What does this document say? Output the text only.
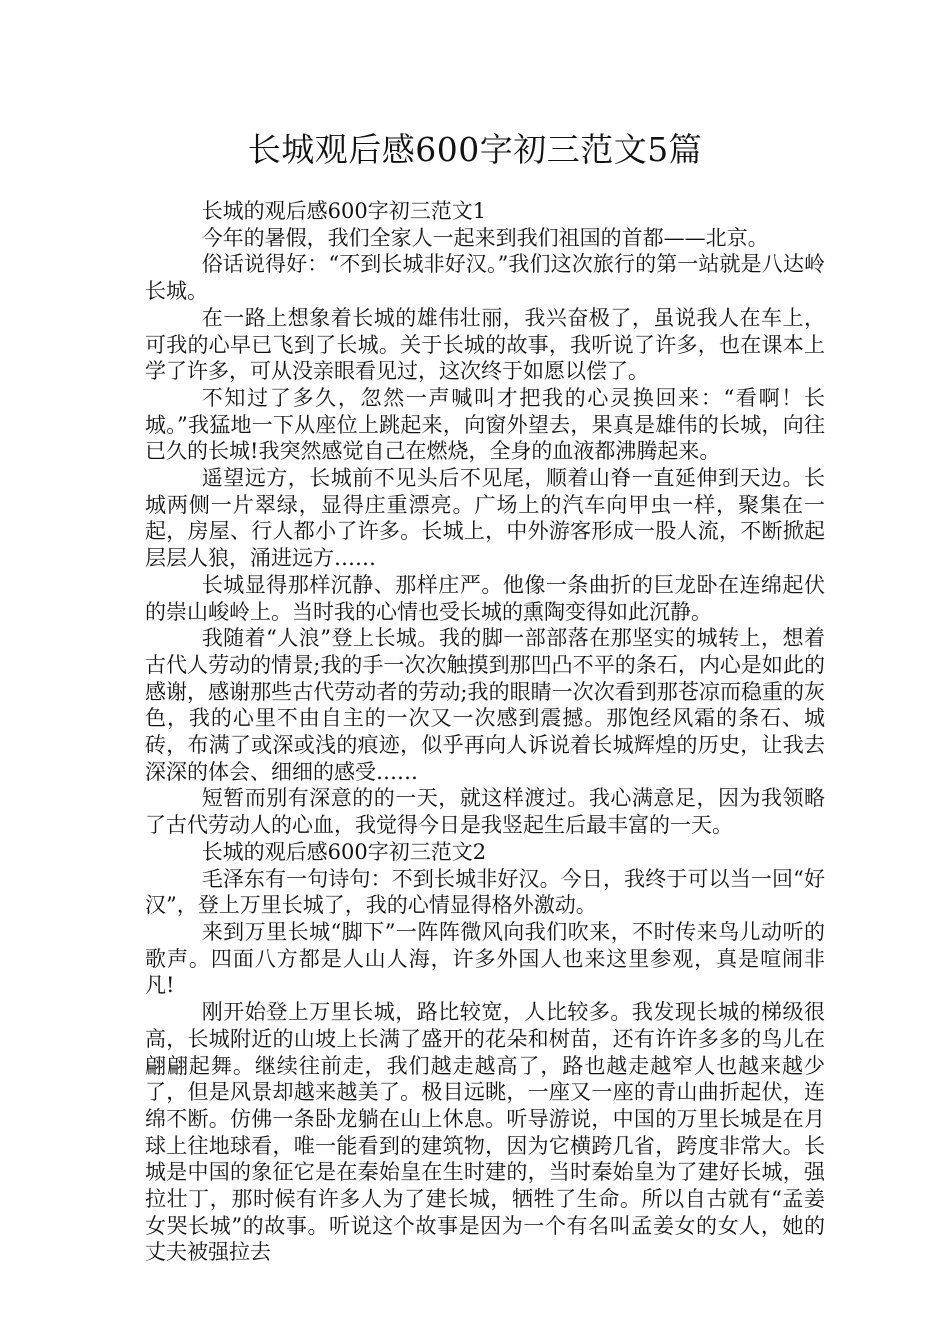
长城观后感600字初三范文5篇

长城的观后感600字初三范文1

今年的暑假，我们全家人一起来到我们祖国的首都——北京。

俗话说得好：“不到长城非好汉。”我们这次旅行的第一站就是八达岭长城。

在一路上想象着长城的雄伟壮丽，我兴奋极了，虽说我人在车上，可我的心早已飞到了长城。关于长城的故事，我听说了许多，也在课本上学了许多，可从没亲眼看见过，这次终于如愿以偿了。

不知过了多久，忽然一声喊叫才把我的心灵换回来：“看啊！长城。”我猛地一下从座位上跳起来，向窗外望去，果真是雄伟的长城，向往已久的长城!我突然感觉自己在燃烧，全身的血液都沸腾起来。

遥望远方，长城前不见头后不见尾，顺着山脊一直延伸到天边。长城两侧一片翠绿，显得庄重漂亮。广场上的汽车向甲虫一样，聚集在一起，房屋、行人都小了许多。长城上，中外游客形成一股人流，不断掀起层层人狼，涌进远方……

长城显得那样沉静、那样庄严。他像一条曲折的巨龙卧在连绵起伏的崇山峻岭上。当时我的心情也受长城的熏陶变得如此沉静。

我随着“人浪”登上长城。我的脚一部部落在那坚实的城转上，想着古代人劳动的情景;我的手一次次触摸到那凹凸不平的条石，内心是如此的感谢，感谢那些古代劳动者的劳动;我的眼睛一次次看到那苍凉而稳重的灰色，我的心里不由自主的一次又一次感到震撼。那饱经风霜的条石、城砖，布满了或深或浅的痕迹，似乎再向人诉说着长城辉煌的历史，让我去深深的体会、细细的感受……

短暂而别有深意的的一天，就这样渡过。我心满意足，因为我领略了古代劳动人的心血，我觉得今日是我竖起生后最丰富的一天。

长城的观后感600字初三范文2

毛泽东有一句诗句：不到长城非好汉。今日，我终于可以当一回“好汉”，登上万里长城了，我的心情显得格外激动。

来到万里长城“脚下”一阵阵微风向我们吹来，不时传来鸟儿动听的歌声。四面八方都是人山人海，许多外国人也来这里参观，真是喧闹非凡!

刚开始登上万里长城，路比较宽，人比较多。我发现长城的梯级很高，长城附近的山坡上长满了盛开的花朵和树苗，还有许许多多的鸟儿在翩翩起舞。继续往前走，我们越走越高了，路也越走越窄人也越来越少了，但是风景却越来越美了。极目远眺，一座又一座的青山曲折起伏，连绵不断。仿佛一条卧龙躺在山上休息。听导游说，中国的万里长城是在月球上往地球看，唯一能看到的建筑物，因为它横跨几省，跨度非常大。长城是中国的象征它是在秦始皇在生时建的，当时秦始皇为了建好长城，强拉壮丁，那时候有许多人为了建长城，牺牲了生命。所以自古就有“孟姜女哭长城”的故事。听说这个故事是因为一个有名叫孟姜女的女人，她的丈夫被强拉去
